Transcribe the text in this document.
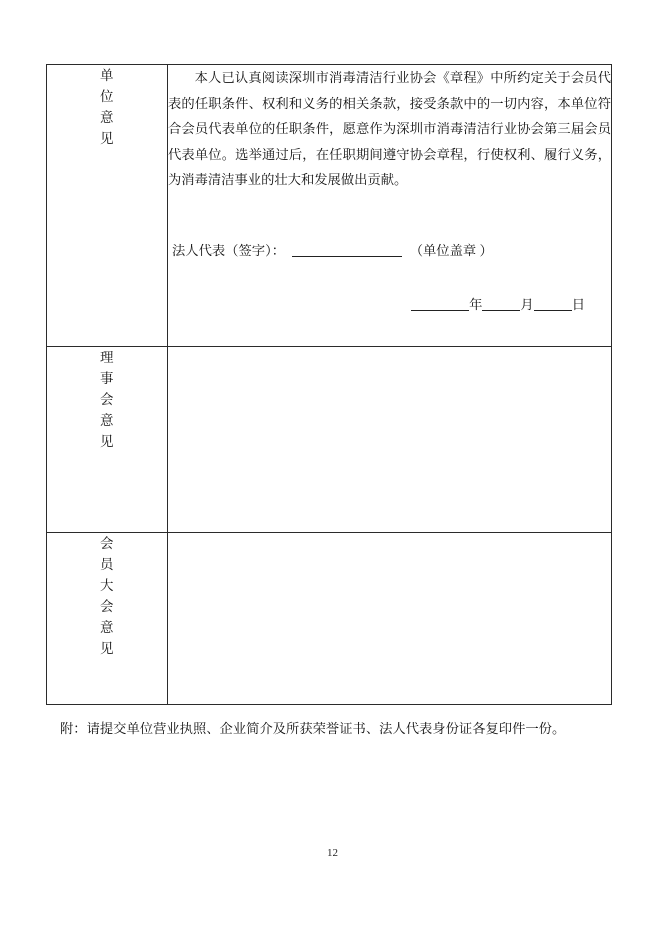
单
位
意
见

本人已认真阅读深圳市消毒清洁行业协会《章程》中所约定关于会员代表的任职条件、权利和义务的相关条款，接受条款中的一切内容，本单位符合会员代表单位的任职条件，愿意作为深圳市消毒清洁行业协会第三届会员代表单位。选举通过后，在任职期间遵守协会章程，行使权利、履行义务，为消毒清洁事业的壮大和发展做出贡献。

法人代表（签字）：	（单位盖章 ）
年	月	日

理
事
会
意
见	

会
员
大
会
意
见

附：请提交单位营业执照、企业简介及所获荣誉证书、法人代表身份证各复印件一份。
12
